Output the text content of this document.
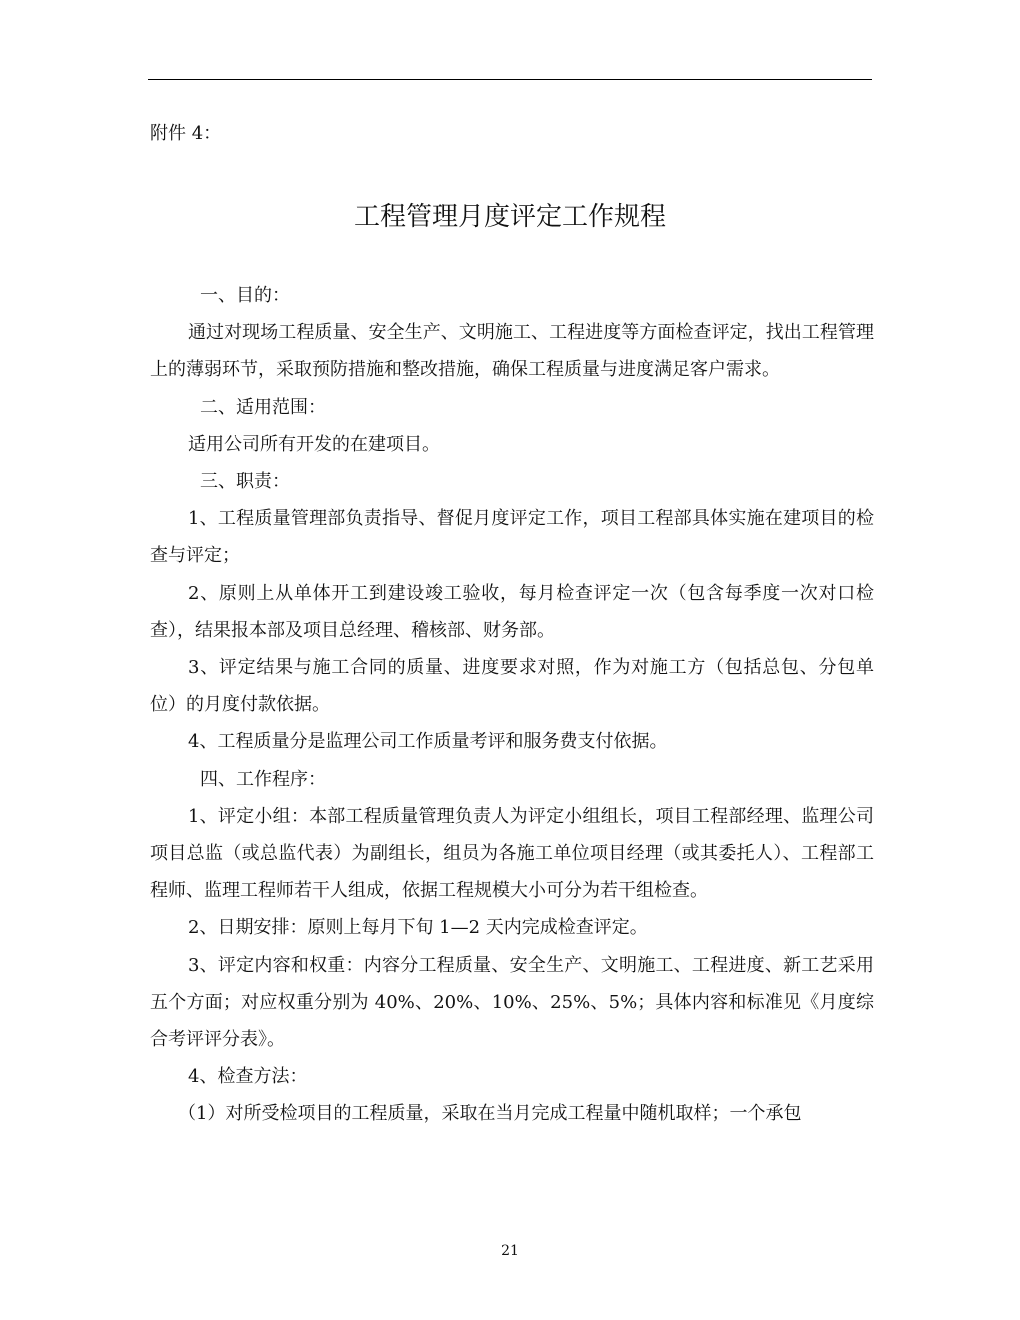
附件 4：
工程管理月度评定工作规程

一、目的：

通过对现场工程质量、安全生产、文明施工、工程进度等方面检查评定，找出工程管理上的薄弱环节，采取预防措施和整改措施，确保工程质量与进度满足客户需求。

二、适用范围：

适用公司所有开发的在建项目。

三、职责：

1、工程质量管理部负责指导、督促月度评定工作，项目工程部具体实施在建项目的检查与评定；

2、原则上从单体开工到建设竣工验收，每月检查评定一次（包含每季度一次对口检查），结果报本部及项目总经理、稽核部、财务部。

3、评定结果与施工合同的质量、进度要求对照，作为对施工方（包括总包、分包单位）的月度付款依据。

4、工程质量分是监理公司工作质量考评和服务费支付依据。

四、工作程序：

1、评定小组：本部工程质量管理负责人为评定小组组长，项目工程部经理、监理公司项目总监（或总监代表）为副组长，组员为各施工单位项目经理（或其委托人）、工程部工程师、监理工程师若干人组成，依据工程规模大小可分为若干组检查。

2、日期安排：原则上每月下旬 1—2 天内完成检查评定。

3、评定内容和权重：内容分工程质量、安全生产、文明施工、工程进度、新工艺采用五个方面；对应权重分别为 40%、20%、10%、25%、5%；具体内容和标准见《月度综合考评评分表》。

4、检查方法：

（1）对所受检项目的工程质量，采取在当月完成工程量中随机取样；一个承包

21
